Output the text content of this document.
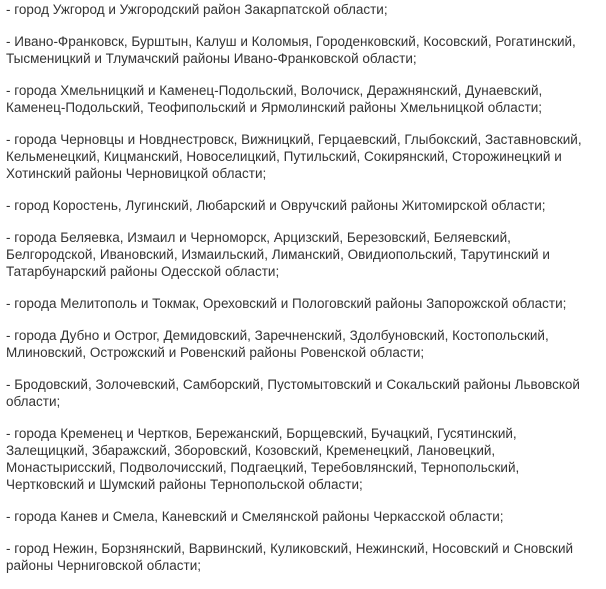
- город Ужгород и Ужгородский район Закарпатской области;

- Ивано-Франковск, Бурштын, Калуш и Коломыя, Городенковский, Косовский, Рогатинский, Тысменицкий и Тлумачский районы Ивано-Франковской области;

- города Хмельницкий и Каменец-Подольский, Волочиск, Деражнянский, Дунаевский, Каменец-Подольский, Теофипольский и Ярмолинский районы Хмельницкой области;

- города Черновцы и Новднестровск, Вижницкий, Герцаевский, Глыбокский, Заставновский, Кельменецкий, Кицманский, Новоселицкий, Путильский, Сокирянский, Сторожинецкий и Хотинский районы Черновицкой области;

- город Коростень, Лугинский, Любарский и Овручский районы Житомирской области;

- города Беляевка, Измаил и Черноморск, Арцизский, Березовский, Беляевский, Белгородской, Ивановский, Измаильский, Лиманский, Овидиопольский, Тарутинский и Татарбунарский районы Одесской области;

- города Мелитополь и Токмак, Ореховский и Пологовский районы Запорожской области;

- города Дубно и Острог, Демидовский, Заречненский, Здолбуновский, Костопольский, Млиновский, Острожский и Ровенский районы Ровенской области;

- Бродовский, Золочевский, Самборский, Пустомытовский и Сокальский районы Львовской области;

- города Кременец и Чертков, Бережанский, Борщевский, Бучацкий, Гусятинский, Залещицкий, Збаражский, Зборовский, Козовский, Кременецкий, Лановецкий, Монастырисский, Подволочисский, Подгаецкий, Теребовлянский, Тернопольский, Чертковский и Шумский районы Тернопольской области;

- города Канев и Смела, Каневский и Смелянской районы Черкасской области;

- город Нежин, Борзнянский, Варвинский, Куликовский, Нежинский, Носовский и Сновский районы Черниговской области;
